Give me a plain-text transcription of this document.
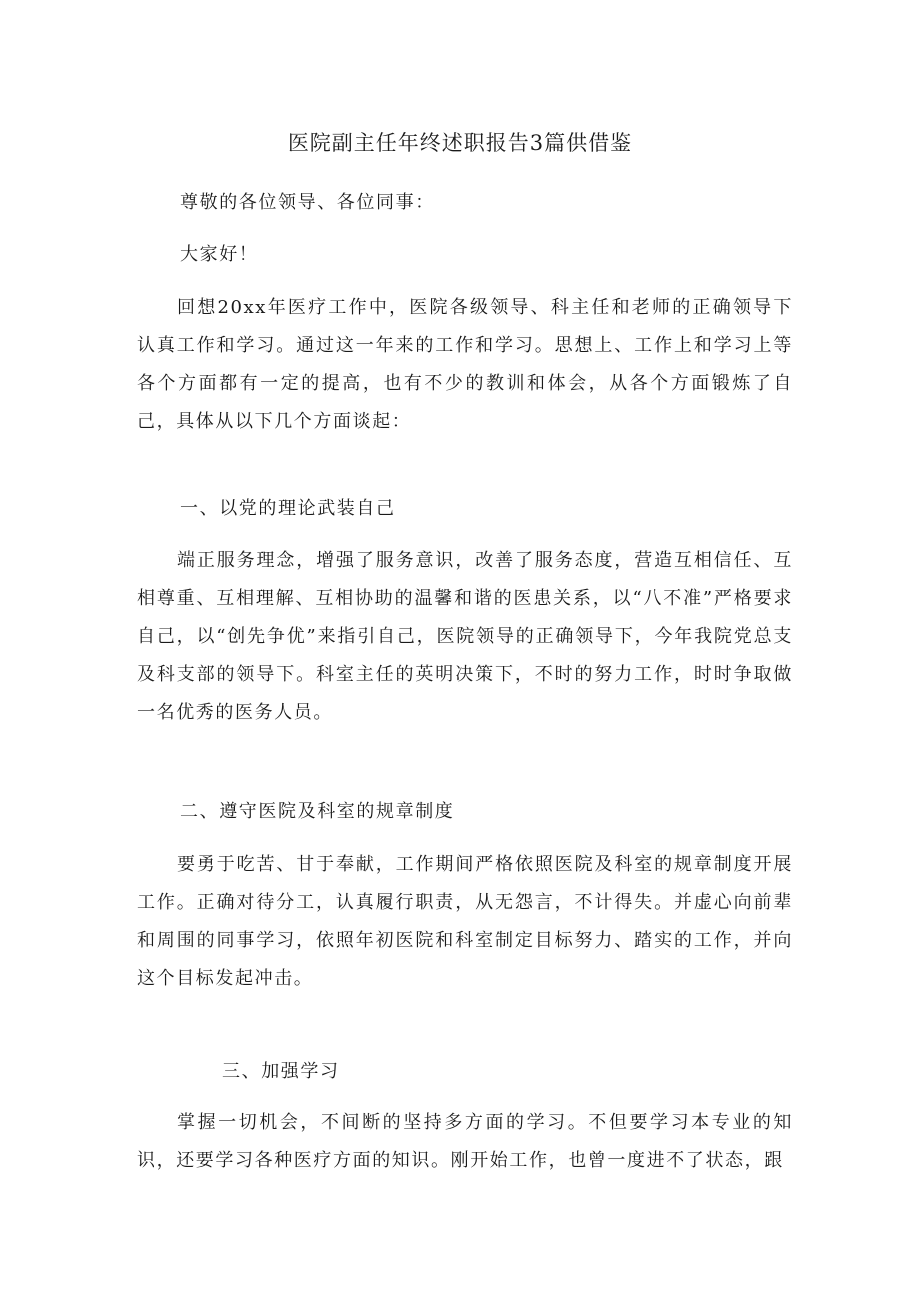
医院副主任年终述职报告3篇供借鉴
尊敬的各位领导、各位同事：
大家好！
回想20xx年医疗工作中，医院各级领导、科主任和老师的正确领导下认真工作和学习。通过这一年来的工作和学习。思想上、工作上和学习上等各个方面都有一定的提高，也有不少的教训和体会，从各个方面锻炼了自己，具体从以下几个方面谈起：
一、以党的理论武装自己
端正服务理念，增强了服务意识，改善了服务态度，营造互相信任、互相尊重、互相理解、互相协助的温馨和谐的医患关系，以“八不准”严格要求自己，以“创先争优”来指引自己，医院领导的正确领导下，今年我院党总支及科支部的领导下。科室主任的英明决策下，不时的努力工作，时时争取做一名优秀的医务人员。
二、遵守医院及科室的规章制度
要勇于吃苦、甘于奉献，工作期间严格依照医院及科室的规章制度开展工作。正确对待分工，认真履行职责，从无怨言，不计得失。并虚心向前辈和周围的同事学习，依照年初医院和科室制定目标努力、踏实的工作，并向这个目标发起冲击。
三、加强学习
掌握一切机会，不间断的坚持多方面的学习。不但要学习本专业的知识，还要学习各种医疗方面的知识。刚开始工作，也曾一度进不了状态，跟
